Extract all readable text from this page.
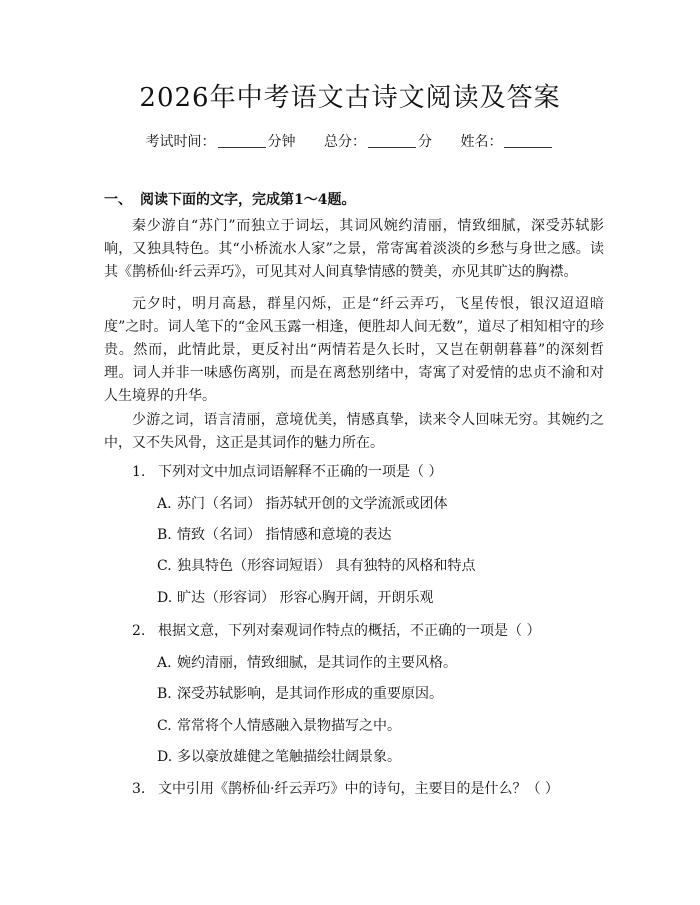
2026年中考语文古诗文阅读及答案
考试时间：	分钟 总分：	分 姓名：
一、 阅读下面的文字，完成第1～4题。
秦少游自“苏门”而独立于词坛，其词风婉约清丽，情致细腻，深受苏轼影响，又独具特色。其“小桥流水人家”之景，常寄寓着淡淡的乡愁与身世之感。读其《鹊桥仙·纤云弄巧》，可见其对人间真挚情感的赞美，亦见其旷达的胸襟。
元夕时，明月高悬，群星闪烁，正是“纤云弄巧，飞星传恨，银汉迢迢暗度”之时。词人笔下的“金风玉露一相逢，便胜却人间无数”，道尽了相知相守的珍贵。然而，此情此景，更反衬出“两情若是久长时，又岂在朝朝暮暮”的深刻哲理。词人并非一味感伤离别，而是在离愁别绪中，寄寓了对爱情的忠贞不渝和对人生境界的升华。
少游之词，语言清丽，意境优美，情感真挚，读来令人回味无穷。其婉约之中，又不失风骨，这正是其词作的魅力所在。
1. 下列对文中加点词语解释不正确的一项是（ ）
A. 苏门（名词） 指苏轼开创的文学流派或团体
B. 情致（名词） 指情感和意境的表达
C. 独具特色（形容词短语） 具有独特的风格和特点
D. 旷达（形容词） 形容心胸开阔，开朗乐观
2. 根据文意，下列对秦观词作特点的概括，不正确的一项是（ ）
A. 婉约清丽，情致细腻，是其词作的主要风格。
B. 深受苏轼影响，是其词作形成的重要原因。
C. 常常将个人情感融入景物描写之中。
D. 多以豪放雄健之笔触描绘壮阔景象。
3. 文中引用《鹊桥仙·纤云弄巧》中的诗句，主要目的是什么？（ ）
